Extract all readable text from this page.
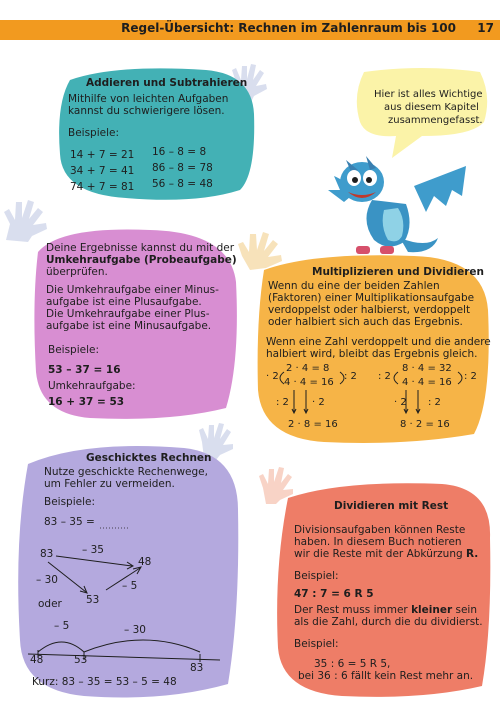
Regel-Übersicht: Rechnen im Zahlenraum bis 100 17
Hier ist alles Wichtige
aus diesem Kapitel
zusammengefasst.
Addieren und Subtrahieren
Mithilfe von leichten Aufgaben
kannst du schwierigere lösen.
Beispiele:
14 + 7 = 21
34 + 7 = 41
74 + 7 = 81
16 – 8 = 8
86 – 8 = 78
56 – 8 = 48
Deine Ergebnisse kannst du mit der
Umkehraufgabe (Probeaufgabe)
überprüfen.
Die Umkehraufgabe einer Minus-
aufgabe ist eine Plusaufgabe.
Die Umkehraufgabe einer Plus-
aufgabe ist eine Minusaufgabe.
Beispiele:
53 – 37 = 16
Umkehraufgabe:
16 + 37 = 53
Multiplizieren und Dividieren
Wenn du eine der beiden Zahlen
(Faktoren) einer Multiplikationsaufgabe
verdoppelst oder halbierst, verdoppelt
oder halbiert sich auch das Ergebnis.
Wenn eine Zahl verdoppelt und die andere
halbiert wird, bleibt das Ergebnis gleich.
2 · 4 = 8
4 · 4 = 16
· 2	: 2
: 2 · 2
2 · 8 = 16
8 · 4 = 32
4 · 4 = 16
: 2	: 2
· 2 : 2
8 · 2 = 16
Geschicktes Rechnen
Nutze geschickte Rechenwege,
um Fehler zu vermeiden.
Beispiele:
83 – 35 =
83	– 35
48
– 30	– 5
53
oder
– 5	– 30
48	53
83
Kurz: 83 – 35 = 53 – 5 = 48
Dividieren mit Rest
Divisionsaufgaben können Reste
haben. In diesem Buch notieren
wir die Reste mit der Abkürzung R.
Beispiel:
47 : 7 = 6 R 5
Der Rest muss immer kleiner sein
als die Zahl, durch die du dividierst.
Beispiel:
35 : 6 = 5 R 5,
bei 36 : 6 fällt kein Rest mehr an.
